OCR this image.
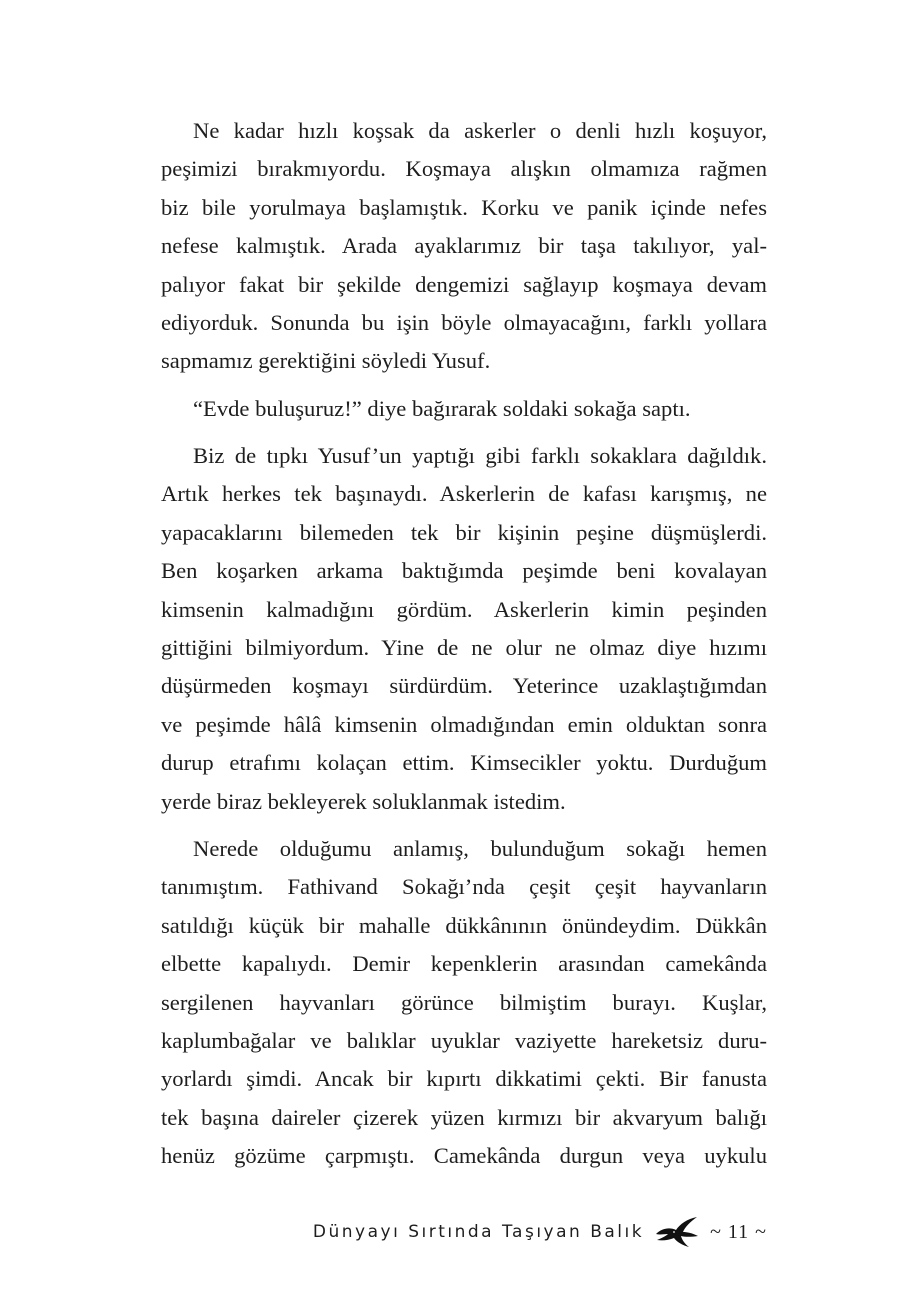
Ne kadar hızlı koşsak da askerler o denli hızlı koşuyor,
peşimizi bırakmıyordu. Koşmaya alışkın olmamıza rağmen
biz bile yorulmaya başlamıştık. Korku ve panik içinde nefes
nefese kalmıştık. Arada ayaklarımız bir taşa takılıyor, yal-
palıyor fakat bir şekilde dengemizi sağlayıp koşmaya devam
ediyorduk. Sonunda bu işin böyle olmayacağını, farklı yollara
sapmamız gerektiğini söyledi Yusuf.
“Evde buluşuruz!” diye bağırarak soldaki sokağa saptı.
Biz de tıpkı Yusuf’un yaptığı gibi farklı sokaklara dağıldık.
Artık herkes tek başınaydı. Askerlerin de kafası karışmış, ne
yapacaklarını bilemeden tek bir kişinin peşine düşmüşlerdi.
Ben koşarken arkama baktığımda peşimde beni kovalayan
kimsenin kalmadığını gördüm. Askerlerin kimin peşinden
gittiğini bilmiyordum. Yine de ne olur ne olmaz diye hızımı
düşürmeden koşmayı sürdürdüm. Yeterince uzaklaştığımdan
ve peşimde hâlâ kimsenin olmadığından emin olduktan sonra
durup etrafımı kolaçan ettim. Kimsecikler yoktu. Durduğum
yerde biraz bekleyerek soluklanmak istedim.
Nerede olduğumu anlamış, bulunduğum sokağı hemen
tanımıştım. Fathivand Sokağı’nda çeşit çeşit hayvanların
satıldığı küçük bir mahalle dükkânının önündeydim. Dükkân
elbette kapalıydı. Demir kepenklerin arasından camekânda
sergilenen hayvanları görünce bilmiştim burayı. Kuşlar,
kaplumbağalar ve balıklar uyuklar vaziyette hareketsiz duru-
yorlardı şimdi. Ancak bir kıpırtı dikkatimi çekti. Bir fanusta
tek başına daireler çizerek yüzen kırmızı bir akvaryum balığı
henüz gözüme çarpmıştı. Camekânda durgun veya uykulu
Dünyayı Sırtında Taşıyan Balık	~ 11 ~
